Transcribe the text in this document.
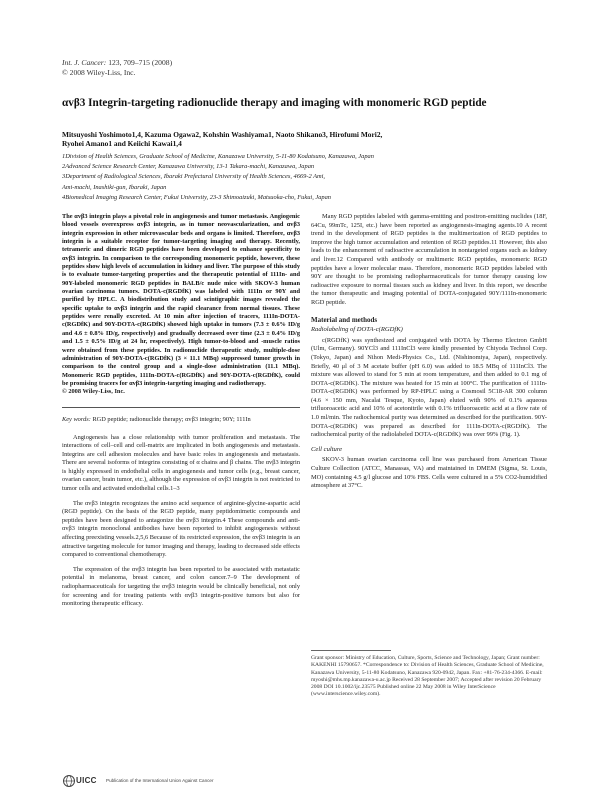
Int. J. Cancer: 123, 709–715 (2008)
© 2008 Wiley-Liss, Inc.
αvβ3 Integrin-targeting radionuclide therapy and imaging with monomeric RGD peptide
Mitsuyoshi Yoshimoto1,4, Kazuma Ogawa2, Kohshin Washiyama1, Naoto Shikano3, Hirofumi Mori2,
Ryohei Amano1 and Keiichi Kawai1,4
1Division of Health Sciences, Graduate School of Medicine, Kanazawa University, 5-11-80 Kodatsuno, Kanazawa, Japan
2Advanced Science Research Center, Kanazawa University, 13-1 Takara-machi, Kanazawa, Japan
3Department of Radiological Sciences, Ibaraki Prefectural University of Health Sciences, 4669-2 Ami,
Ami-machi, Inashiki-gun, Ibaraki, Japan
4Biomedical Imaging Research Center, Fukui University, 23-3 Shimoaizuki, Matsuoka-cho, Fukui, Japan

The αvβ3 integrin plays a pivotal role in angiogenesis and tumor metastasis. Angiogenic blood vessels overexpress αvβ3 integrin, as in tumor neovascularization, and αvβ3 integrin expression in other microvascular beds and organs is limited. Therefore, αvβ3 integrin is a suitable receptor for tumor-targeting imaging and therapy. Recently, tetrameric and dimeric RGD peptides have been developed to enhance specificity to αvβ3 integrin. In comparison to the corresponding monomeric peptide, however, these peptides show high levels of accumulation in kidney and liver. The purpose of this study is to evaluate tumor-targeting properties and the therapeutic potential of 111In- and 90Y-labeled monomeric RGD peptides in BALB/c nude mice with SKOV-3 human ovarian carcinoma tumors. DOTA-c(RGDfK) was labeled with 111In or 90Y and purified by HPLC. A biodistribution study and scintigraphic images revealed the specific uptake to αvβ3 integrin and the rapid clearance from normal tissues. These peptides were renally excreted. At 10 min after injection of tracers, 111In-DOTA-c(RGDfK) and 90Y-DOTA-c(RGDfK) showed high uptake in tumors (7.3 ± 0.6% ID/g and 4.6 ± 0.8% ID/g, respectively) and gradually decreased over time (2.3 ± 0.4% ID/g and 1.5 ± 0.5% ID/g at 24 hr, respectively). High tumor-to-blood and -muscle ratios were obtained from these peptides. In radionuclide therapeutic study, multiple-dose administration of 90Y-DOTA-c(RGDfK) (3 × 11.1 MBq) suppressed tumor growth in comparison to the control group and a single-dose administration (11.1 MBq). Monomeric RGD peptides, 111In-DOTA-c(RGDfK) and 90Y-DOTA-c(RGDfK), could be promising tracers for αvβ3 integrin-targeting imaging and radiotherapy.

© 2008 Wiley-Liss, Inc.

Key words: RGD peptide; radionuclide therapy; αvβ3 integrin; 90Y; 111In

Angiogenesis has a close relationship with tumor proliferation and metastasis. The interactions of cell–cell and cell-matrix are implicated in both angiogenesis and metastasis. Integrins are cell adhesion molecules and have basic roles in angiogenesis and metastasis. There are several isoforms of integrins consisting of α chains and β chains. The αvβ3 integrin is highly expressed in endothelial cells in angiogenesis and tumor cells (e.g., breast cancer, ovarian cancer, brain tumor, etc.), although the expression of αvβ3 integrin is not restricted to tumor cells and activated endothelial cells.1–3

The αvβ3 integrin recognizes the amino acid sequence of arginine-glycine-aspartic acid (RGD peptide). On the basis of the RGD peptide, many peptidomimetic compounds and peptides have been designed to antagonize the αvβ3 integrin.4 These compounds and anti-αvβ3 integrin monoclonal antibodies have been reported to inhibit angiogenesis without affecting preexisting vessels.2,5,6 Because of its restricted expression, the αvβ3 integrin is an attractive targeting molecule for tumor imaging and therapy, leading to decreased side effects compared to conventional chemotherapy.

The expression of the αvβ3 integrin has been reported to be associated with metastatic potential in melanoma, breast cancer, and colon cancer.7–9 The development of radiopharmaceuticals for targeting the αvβ3 integrin would be clinically beneficial, not only for screening and for treating patients with αvβ3 integrin-positive tumors but also for monitoring therapeutic efficacy.

Many RGD peptides labeled with gamma-emitting and positron-emitting nuclides (18F, 64Cu, 99mTc, 125I, etc.) have been reported as angiogenesis-imaging agents.10 A recent trend in the development of RGD peptides is the multimerization of RGD peptides to improve the high tumor accumulation and retention of RGD peptides.11 However, this also leads to the enhancement of radioactive accumulation in nontargeted organs such as kidney and liver.12 Compared with antibody or multimeric RGD peptides, monomeric RGD peptides have a lower molecular mass. Therefore, monomeric RGD peptides labeled with 90Y are thought to be promising radiopharmaceuticals for tumor therapy causing low radioactive exposure to normal tissues such as kidney and liver. In this report, we describe the tumor therapeutic and imaging potential of DOTA-conjugated 90Y/111In-monomeric RGD peptide.

Material and methods
Radiolabeling of DOTA-c(RGDfK)

c(RGDfK) was synthesized and conjugated with DOTA by Thermo Electron GmbH (Ulm, Germany). 90YCl3 and 111InCl3 were kindly presented by Chiyoda Technol Corp. (Tokyo, Japan) and Nihon Medi-Physics Co., Ltd. (Nishinomiya, Japan), respectively. Briefly, 40 μl of 3 M acetate buffer (pH 6.0) was added to 18.5 MBq of 111InCl3. The mixture was allowed to stand for 5 min at room temperature, and then added to 0.1 mg of DOTA-c(RGDfK). The mixture was heated for 15 min at 100°C. The purification of 111In-DOTA-c(RGDfK) was performed by RP-HPLC using a Cosmosil 5C18-AR 300 column (4.6 × 150 mm, Nacalai Tesque, Kyoto, Japan) eluted with 90% of 0.1% aqueous trifluoroacetic acid and 10% of acetonitrile with 0.1% trifluoroacetic acid at a flow rate of 1.0 ml/min. The radiochemical purity was determined as described for the purification. 90Y-DOTA-c(RGDfK) was prepared as described for 111In-DOTA-c(RGDfK). The radiochemical purity of the radiolabeled DOTA-c(RGDfK) was over 99% (Fig. 1).

Cell culture

SKOV-3 human ovarian carcinoma cell line was purchased from American Tissue Culture Collection (ATCC, Manassas, VA) and maintained in DMEM (Sigma, St. Louis, MO) containing 4.5 g/l glucose and 10% FBS. Cells were cultured in a 5% CO2-humidified atmosphere at 37°C.

Grant sponsor: Ministry of Education, Culture, Sports, Science and Technology, Japan; Grant number: KAKENHI 15790657. *Correspondence to: Division of Health Sciences, Graduate School of Medicine, Kanazawa University, 5-11-80 Kodatsuno, Kanazawa 920-0942, Japan. Fax: +81-76-234-4366. E-mail: myoshi@mhs.mp.kanazawa-u.ac.jp Received 28 September 2007; Accepted after revision 20 February 2008 DOI 10.1002/ijc.23575 Published online 22 May 2008 in Wiley InterScience (www.interscience.wiley.com).

UICC Publication of the International Union Against Cancer
